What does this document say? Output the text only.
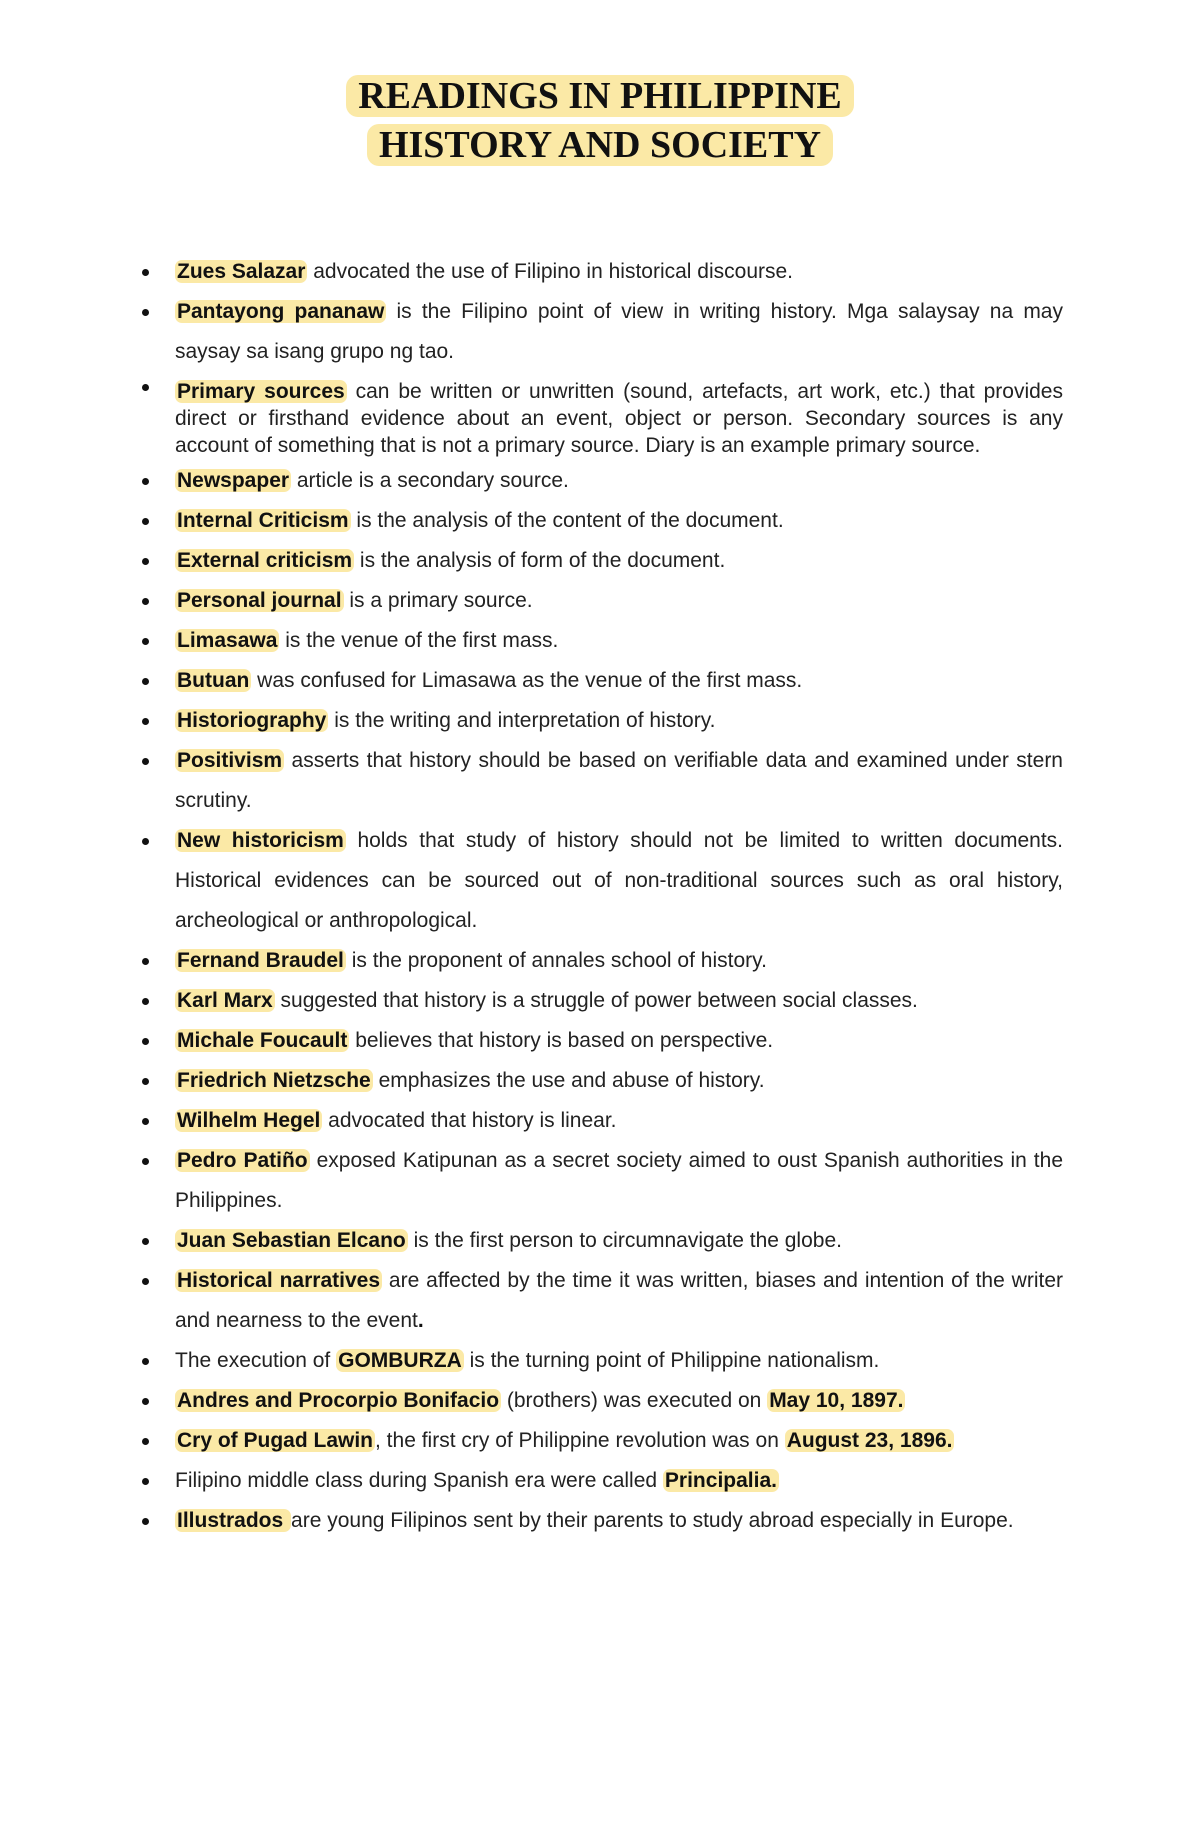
READINGS IN PHILIPPINE
HISTORY AND SOCIETY
Zues Salazar advocated the use of Filipino in historical discourse.
Pantayong pananaw is the Filipino point of view in writing history. Mga salaysay na may saysay sa isang grupo ng tao.
Primary sources can be written or unwritten (sound, artefacts, art work, etc.) that provides direct or firsthand evidence about an event, object or person. Secondary sources is any account of something that is not a primary source. Diary is an example primary source.
Newspaper article is a secondary source.
Internal Criticism is the analysis of the content of the document.
External criticism is the analysis of form of the document.
Personal journal is a primary source.
Limasawa is the venue of the first mass.
Butuan was confused for Limasawa as the venue of the first mass.
Historiography is the writing and interpretation of history.
Positivism asserts that history should be based on verifiable data and examined under stern scrutiny.
New historicism holds that study of history should not be limited to written documents. Historical evidences can be sourced out of non-traditional sources such as oral history, archeological or anthropological.
Fernand Braudel is the proponent of annales school of history.
Karl Marx suggested that history is a struggle of power between social classes.
Michale Foucault believes that history is based on perspective.
Friedrich Nietzsche emphasizes the use and abuse of history.
Wilhelm Hegel advocated that history is linear.
Pedro Patiño exposed Katipunan as a secret society aimed to oust Spanish authorities in the Philippines.
Juan Sebastian Elcano is the first person to circumnavigate the globe.
Historical narratives are affected by the time it was written, biases and intention of the writer and nearness to the event.
The execution of GOMBURZA is the turning point of Philippine nationalism.
Andres and Procorpio Bonifacio (brothers) was executed on May 10, 1897.
Cry of Pugad Lawin, the first cry of Philippine revolution was on August 23, 1896.
Filipino middle class during Spanish era were called Principalia.
Illustrados are young Filipinos sent by their parents to study abroad especially in Europe.
